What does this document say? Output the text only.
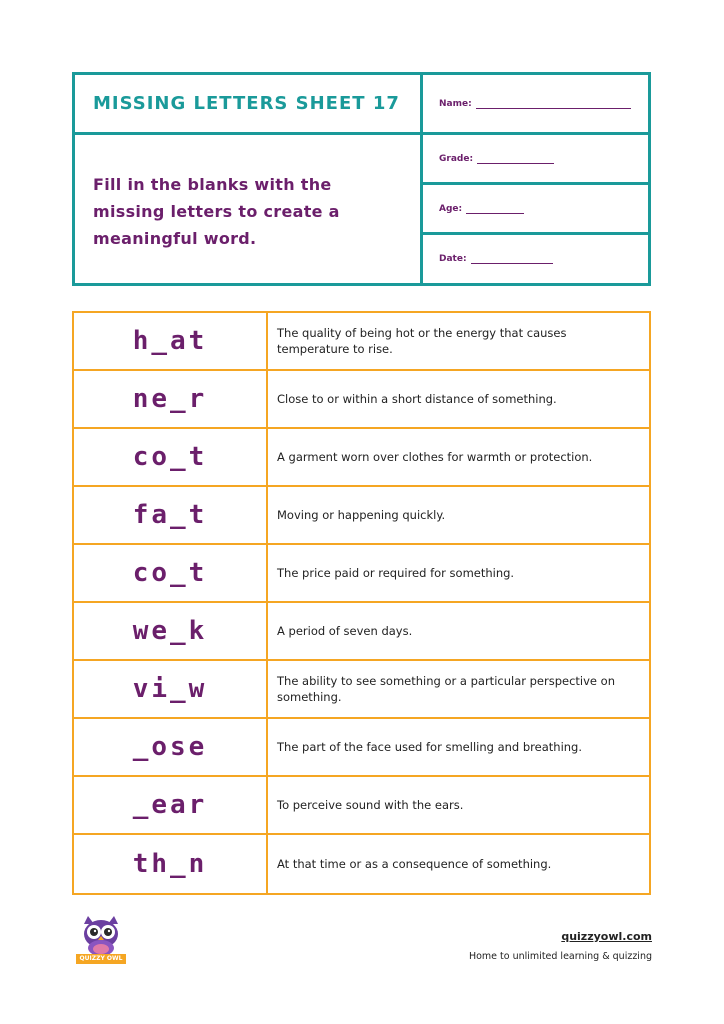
MISSING LETTERS SHEET 17
Fill in the blanks with the missing letters to create a meaningful word.
Name:
Grade:
Age:
Date:
h_at	The quality of being hot or the energy that causes temperature to rise.
ne_r	Close to or within a short distance of something.
co_t	A garment worn over clothes for warmth or protection.
fa_t	Moving or happening quickly.
co_t	The price paid or required for something.
we_k	A period of seven days.
vi_w	The ability to see something or a particular perspective on something.
_ose	The part of the face used for smelling and breathing.
_ear	To perceive sound with the ears.
th_n	At that time or as a consequence of something.
QUIZZY OWL
quizzyowl.com
Home to unlimited learning & quizzing
